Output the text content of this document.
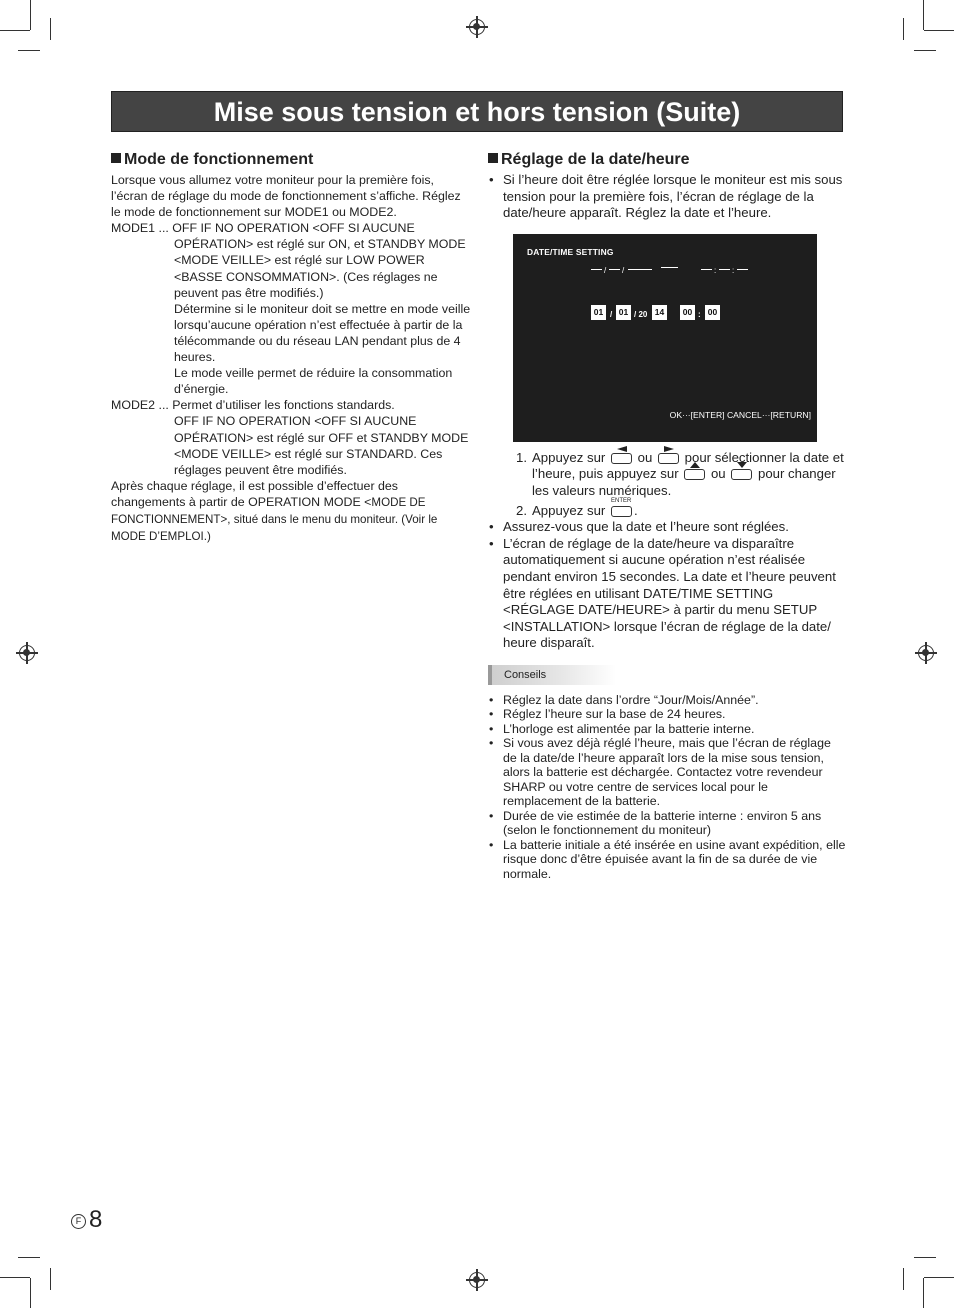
Mise sous tension et hors tension (Suite)
Mode de fonctionnement

Lorsque vous allumez votre moniteur pour la première fois, l’écran de réglage du mode de fonctionnement s’affiche. Réglez le mode de fonctionnement sur MODE1 ou MODE2.

MODE1 ... OFF IF NO OPERATION <OFF SI AUCUNE

OPÉRATION> est réglé sur ON, et STANDBY MODE <MODE VEILLE> est réglé sur LOW POWER <BASSE CONSOMMATION>. (Ces réglages ne peuvent pas être modifiés.)

Détermine si le moniteur doit se mettre en mode veille lorsqu’aucune opération n’est effectuée à partir de la télécommande ou du réseau LAN pendant plus de 4 heures.

Le mode veille permet de réduire la consommation d’énergie.

MODE2 ... Permet d’utiliser les fonctions standards.

OFF IF NO OPERATION <OFF SI AUCUNE OPÉRATION> est réglé sur OFF et STANDBY MODE <MODE VEILLE> est réglé sur STANDARD. Ces réglages peuvent être modifiés.

Après chaque réglage, il est possible d’effectuer des changements à partir de OPERATION MODE <MODE DE FONCTIONNEMENT>, situé dans le menu du moniteur. (Voir le MODE D’EMPLOI.)

Réglage de la date/heure

• Si l’heure doit être réglée lorsque le moniteur est mis sous tension pour la première fois, l’écran de réglage de la date/heure apparaît. Réglez la date et l’heure.

DATE/TIME SETTING
/ /	: :
01 / 01 / 20 14	00 : 00
OK···[ENTER] CANCEL···[RETURN]

1. Appuyez sur ou pour sélectionner la date et l’heure, puis appuyez sur ou pour changer les valeurs numériques.

2. Appuyez sur
ENTER
.

• Assurez-vous que la date et l’heure sont réglées.

• L’écran de réglage de la date/heure va disparaître automatiquement si aucune opération n’est réalisée pendant environ 15 secondes. La date et l’heure peuvent être réglées en utilisant DATE/TIME SETTING <RÉGLAGE DATE/HEURE> à partir du menu SETUP <INSTALLATION> lorsque l’écran de réglage de la date/ heure disparaît.

Conseils

• Réglez la date dans l’ordre “Jour/Mois/Année”.

• Réglez l’heure sur la base de 24 heures.

• L’horloge est alimentée par la batterie interne.

• Si vous avez déjà réglé l’heure, mais que l’écran de réglage de la date/de l’heure apparaît lors de la mise sous tension, alors la batterie est déchargée. Contactez votre revendeur SHARP ou votre centre de services local pour le remplacement de la batterie.

• Durée de vie estimée de la batterie interne : environ 5 ans (selon le fonctionnement du moniteur)

• La batterie initiale a été insérée en usine avant expédition, elle risque donc d’être épuisée avant la fin de sa durée de vie normale.

F 8
